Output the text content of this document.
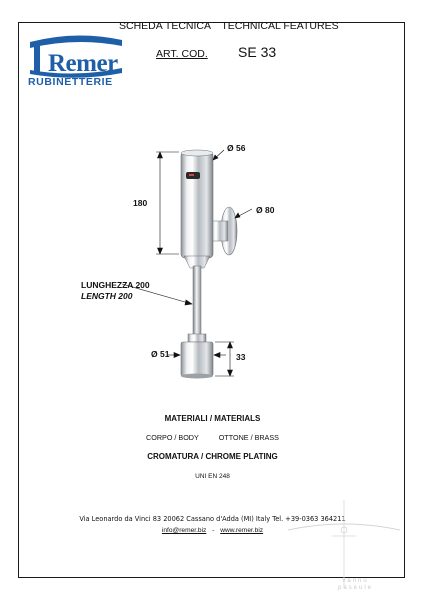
Remer
RUBINETTERIE
SCHEDA TECNICA TECHNICAL FEATURES
ART. COD. SE 33
Ø 56
180
Ø 80
LUNGHEZZA 200
LENGTH 200
Ø 51	33
MATERIALI / MATERIALS
CORPO / BODY	OTTONE / BRASS
CROMATURA / CHROME PLATING
UNI EN 248
Via Leonardo da Vinci 83 20062 Cassano d'Adda (MI) Italy Tel. +39-0363 364211
info@remer.biz - www.remer.biz
vannu
paseule
